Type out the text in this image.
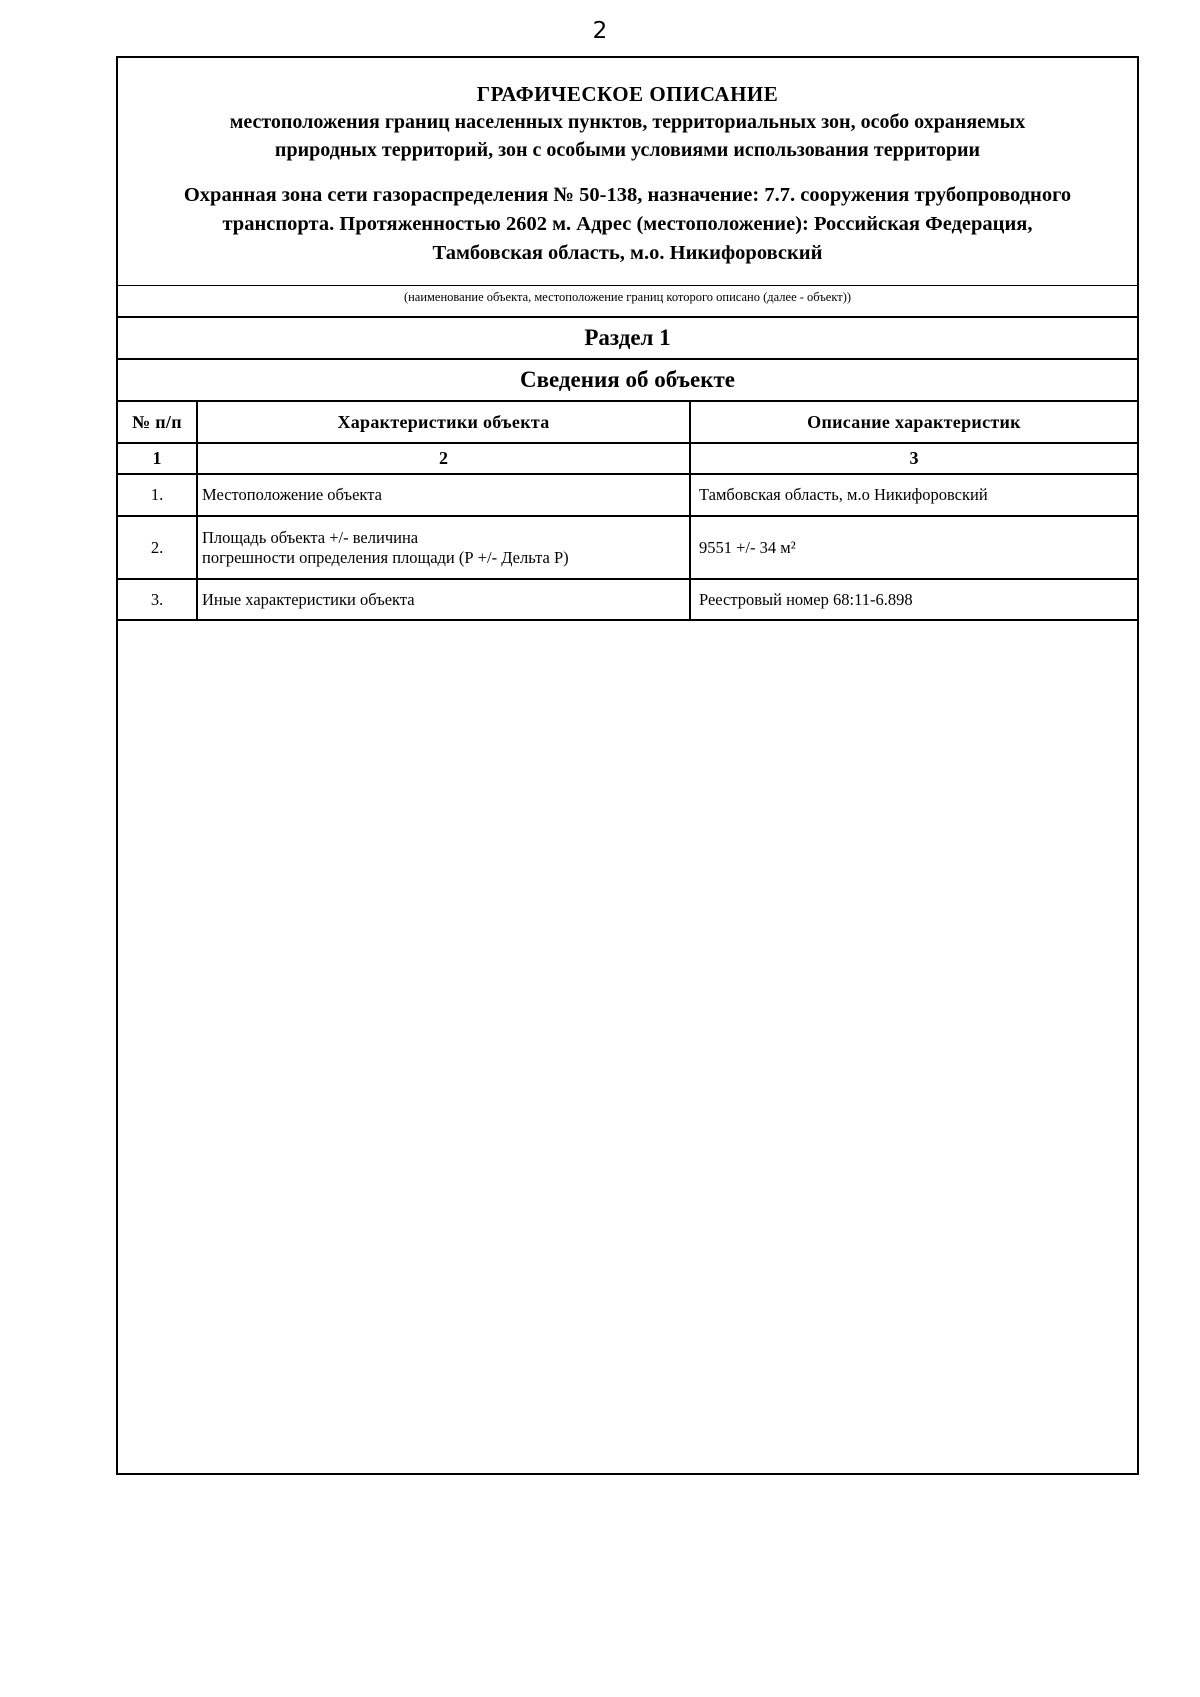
2
ГРАФИЧЕСКОЕ ОПИСАНИЕ
местоположения границ населенных пунктов, территориальных зон, особо охраняемых
природных территорий, зон с особыми условиями использования территории
Охранная зона сети газораспределения № 50-138, назначение: 7.7. сооружения трубопроводного
транспорта. Протяженностью 2602 м. Адрес (местоположение): Российская Федерация,
Тамбовская область, м.о. Никифоровский
(наименование объекта, местоположение границ которого описано (далее - объект))
Раздел 1
Сведения об объекте
№ п/п	Характеристики объекта	Описание характеристик
1	2	3
1.	Местоположение объекта	Тамбовская область, м.о Никифоровский
2.	Площадь объекта +/- величина
погрешности определения площади (Р +/- Дельта Р)	9551 +/- 34 м²
3.	Иные характеристики объекта	Реестровый номер 68:11-6.898
